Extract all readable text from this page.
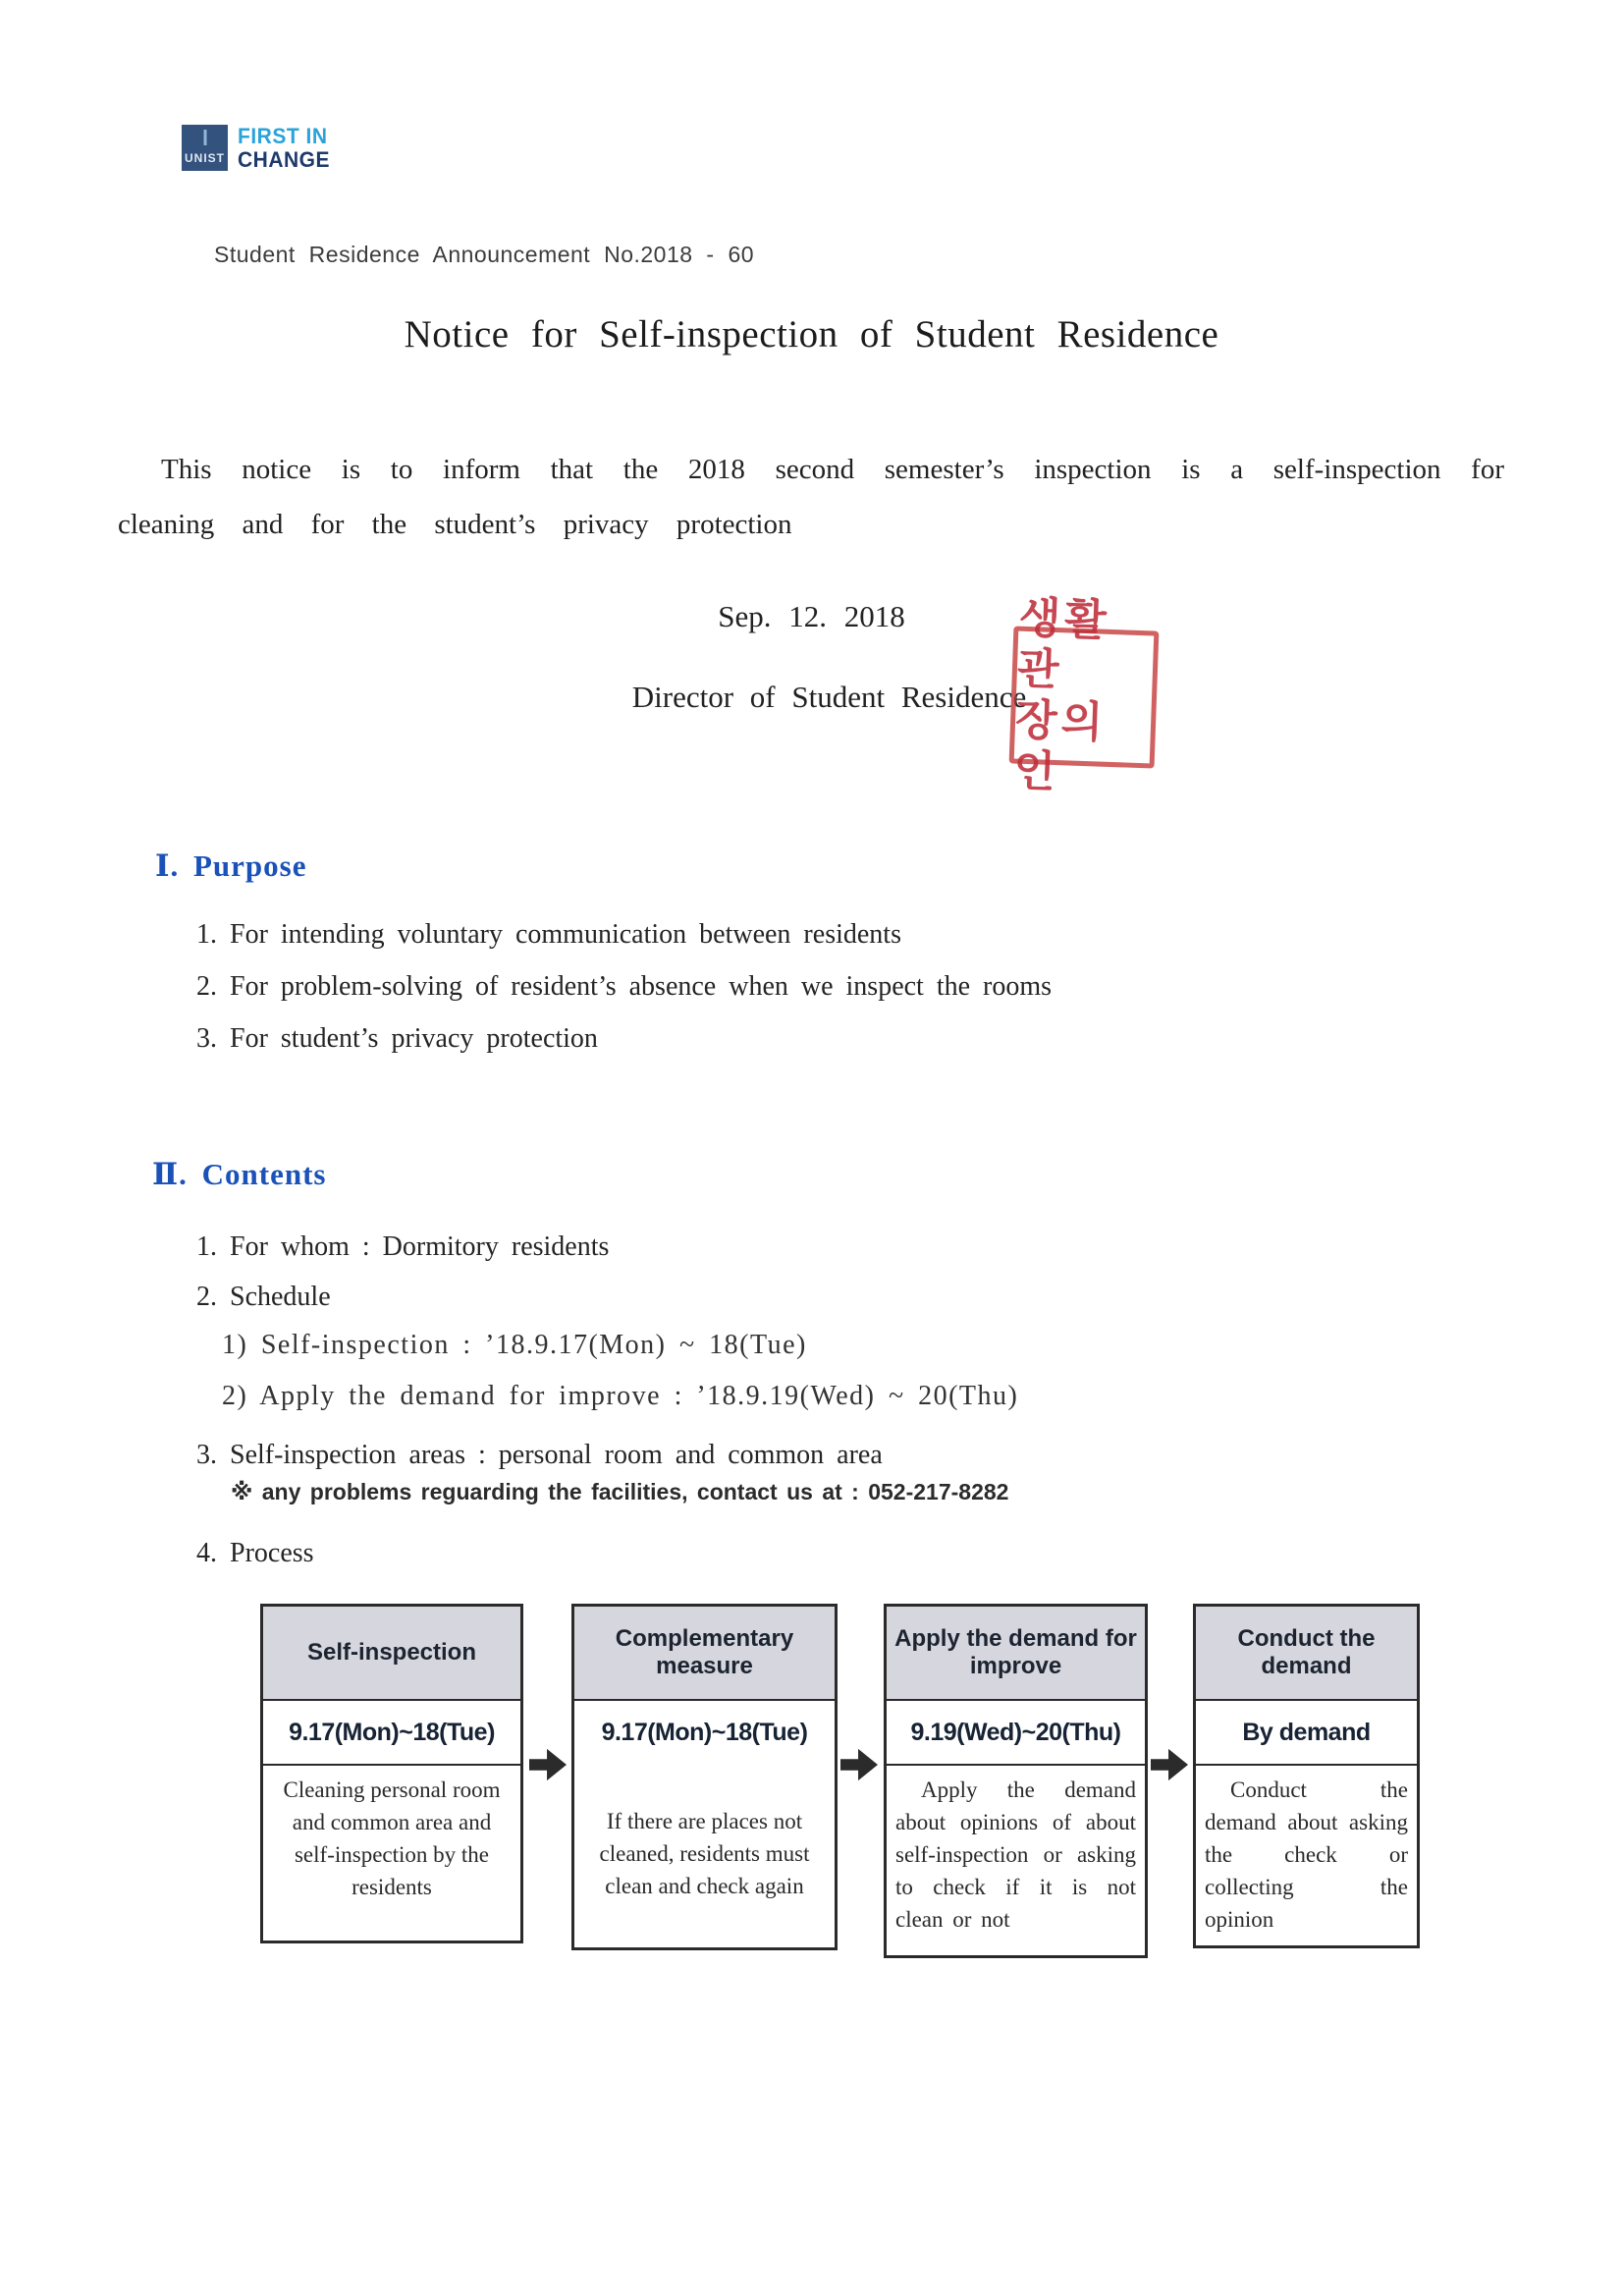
UNIST
FIRST IN
CHANGE
Student Residence Announcement No.2018 - 60
Notice for Self-inspection of Student Residence
This notice is to inform that the 2018 second semester’s inspection is a self-inspection for cleaning and for the student’s privacy protection
Sep. 12. 2018
Director of Student Residence
생활관
장의인
Ⅰ. Purpose
1. For intending voluntary communication between residents
2. For problem-solving of resident’s absence when we inspect the rooms
3. For student’s privacy protection
Ⅱ. Contents
1. For whom : Dormitory residents
2. Schedule
1) Self-inspection : ’18.9.17(Mon) ~ 18(Tue)
2) Apply the demand for improve : ’18.9.19(Wed) ~ 20(Thu)
3. Self-inspection areas : personal room and common area
※ any problems reguarding the facilities, contact us at : 052-217-8282
4. Process
Self-inspection
9.17(Mon)~18(Tue)
Cleaning personal room and common area and self-inspection by the residents
Complementary measure
9.17(Mon)~18(Tue)
If there are places not cleaned, residents must clean and check again
Apply the demand for improve
9.19(Wed)~20(Thu)
Apply the demand about opinions of about self-inspection or asking to check if it is not clean or not
Conduct the demand
By demand
Conduct the demand about asking the check or collecting the opinion
